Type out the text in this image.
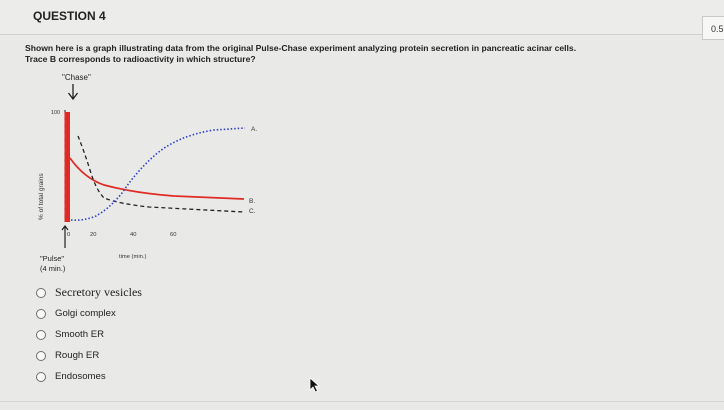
QUESTION 4
0.5
Shown here is a graph illustrating data from the original Pulse-Chase experiment analyzing protein secretion in pancreatic acinar cells.
Trace B corresponds to radioactivity in which structure?
"Chase"
% of total grains
100
A.
B.
C.
0	20	40	60
time (min.)
"Pulse"
(4 min.)
Secretory vesicles
Golgi complex
Smooth ER
Rough ER
Endosomes
